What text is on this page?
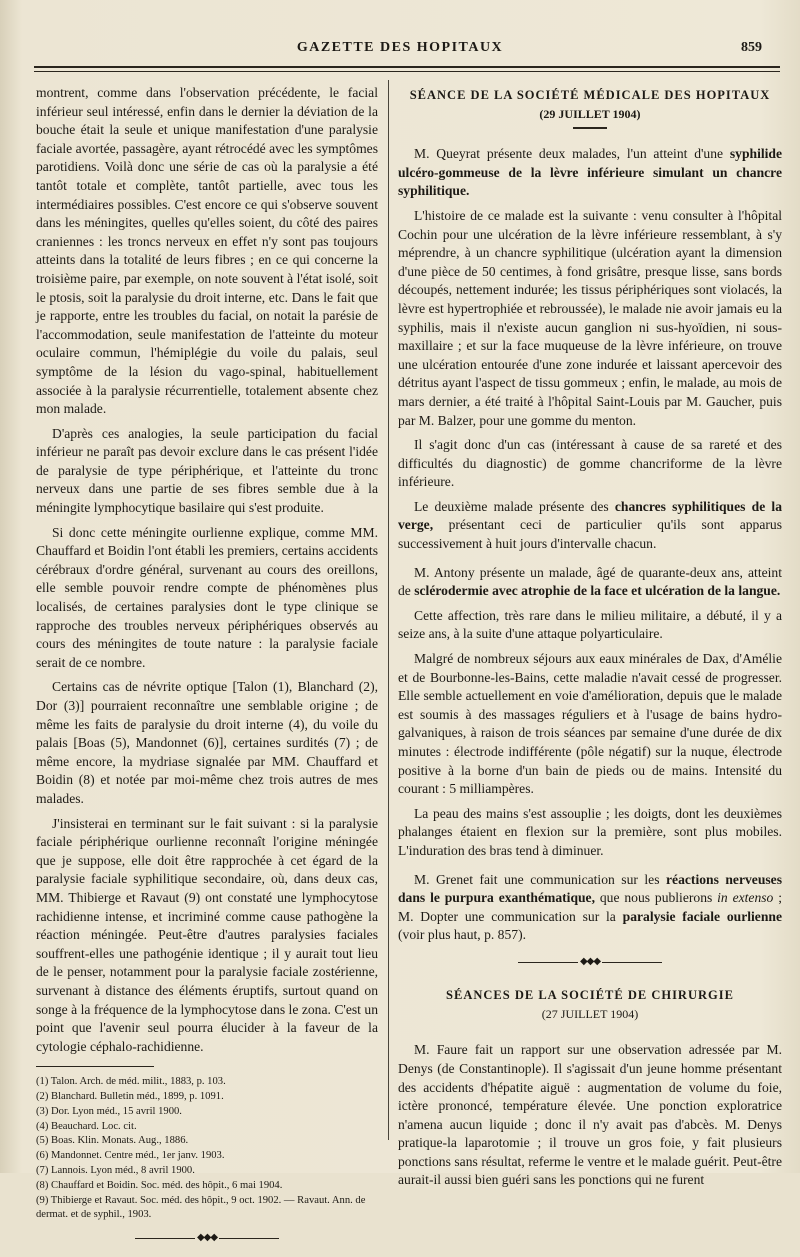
GAZETTE DES HOPITAUX	859

montrent, comme dans l'observation précédente, le facial inférieur seul intéressé, enfin dans le dernier la déviation de la bouche était la seule et unique manifestation d'une paralysie faciale avortée, passagère, ayant rétrocédé avec les symptômes parotidiens. Voilà donc une série de cas où la paralysie a été tantôt totale et complète, tantôt partielle, avec tous les intermédiaires possibles. C'est encore ce qui s'observe souvent dans les méningites, quelles qu'elles soient, du côté des paires craniennes : les troncs nerveux en effet n'y sont pas toujours atteints dans la totalité de leurs fibres ; en ce qui concerne la troisième paire, par exemple, on note souvent à l'état isolé, soit le ptosis, soit la paralysie du droit interne, etc. Dans le fait que je rapporte, entre les troubles du facial, on notait la parésie de l'accommodation, seule manifestation de l'atteinte du moteur oculaire commun, l'hémiplégie du voile du palais, seul symptôme de la lésion du vago-spinal, habituellement associée à la paralysie récurrentielle, totalement absente chez mon malade.

D'après ces analogies, la seule participation du facial inférieur ne paraît pas devoir exclure dans le cas présent l'idée de paralysie de type périphérique, et l'atteinte du tronc nerveux dans une partie de ses fibres semble due à la méningite lymphocytique basilaire qui s'est produite.

Si donc cette méningite ourlienne explique, comme MM. Chauffard et Boidin l'ont établi les premiers, certains accidents cérébraux d'ordre général, survenant au cours des oreillons, elle semble pouvoir rendre compte de phénomènes plus localisés, de certaines paralysies dont le type clinique se rapproche des troubles nerveux périphériques observés au cours des méningites de toute nature : la paralysie faciale serait de ce nombre.

Certains cas de névrite optique [Talon (1), Blanchard (2), Dor (3)] pourraient reconnaître une semblable origine ; de même les faits de paralysie du droit interne (4), du voile du palais [Boas (5), Mandonnet (6)], certaines surdités (7) ; de même encore, la mydriase signalée par MM. Chauffard et Boidin (8) et notée par moi-même chez trois autres de mes malades.

J'insisterai en terminant sur le fait suivant : si la paralysie faciale périphérique ourlienne reconnaît l'origine méningée que je suppose, elle doit être rapprochée à cet égard de la paralysie faciale syphilitique secondaire, où, dans deux cas, MM. Thibierge et Ravaut (9) ont constaté une lymphocytose rachidienne intense, et incriminé comme cause pathogène la réaction méningée. Peut-être d'autres paralysies faciales souffrent-elles une pathogénie identique ; il y aurait tout lieu de le penser, notamment pour la paralysie faciale zostérienne, survenant à distance des éléments éruptifs, surtout quand on songe à la fréquence de la lymphocytose dans le zona. C'est un point que l'avenir seul pourra élucider à la faveur de la cytologie céphalo-rachidienne.

(1) Talon. Arch. de méd. milit., 1883, p. 103.

(2) Blanchard. Bulletin méd., 1899, p. 1091.

(3) Dor. Lyon méd., 15 avril 1900.

(4) Beauchard. Loc. cit.

(5) Boas. Klin. Monats. Aug., 1886.

(6) Mandonnet. Centre méd., 1er janv. 1903.

(7) Lannois. Lyon méd., 8 avril 1900.

(8) Chauffard et Boidin. Soc. méd. des hôpit., 6 mai 1904.

(9) Thibierge et Ravaut. Soc. méd. des hôpit., 9 oct. 1902. — Ravaut. Ann. de dermat. et de syphil., 1903.

◆◆◆
SÉANCE DE LA SOCIÉTÉ MÉDICALE DES HOPITAUX
(29 JUILLET 1904)

M. Queyrat présente deux malades, l'un atteint d'une syphilide ulcéro-gommeuse de la lèvre inférieure simulant un chancre syphilitique.

L'histoire de ce malade est la suivante : venu consulter à l'hôpital Cochin pour une ulcération de la lèvre inférieure ressemblant, à s'y méprendre, à un chancre syphilitique (ulcération ayant la dimension d'une pièce de 50 centimes, à fond grisâtre, presque lisse, sans bords découpés, nettement indurée; les tissus périphériques sont violacés, la lèvre est hypertrophiée et rebroussée), le malade nie avoir jamais eu la syphilis, mais il n'existe aucun ganglion ni sus-hyoïdien, ni sous-maxillaire ; et sur la face muqueuse de la lèvre inférieure, on trouve une ulcération entourée d'une zone indurée et laissant apercevoir des détritus ayant l'aspect de tissu gommeux ; enfin, le malade, au mois de mars dernier, a été traité à l'hôpital Saint-Louis par M. Gaucher, puis par M. Balzer, pour une gomme du menton.

Il s'agit donc d'un cas (intéressant à cause de sa rareté et des difficultés du diagnostic) de gomme chancriforme de la lèvre inférieure.

Le deuxième malade présente des chancres syphilitiques de la verge, présentant ceci de particulier qu'ils sont apparus successivement à huit jours d'intervalle chacun.

M. Antony présente un malade, âgé de quarante-deux ans, atteint de sclérodermie avec atrophie de la face et ulcération de la langue.

Cette affection, très rare dans le milieu militaire, a débuté, il y a seize ans, à la suite d'une attaque polyarticulaire.

Malgré de nombreux séjours aux eaux minérales de Dax, d'Amélie et de Bourbonne-les-Bains, cette maladie n'avait cessé de progresser. Elle semble actuellement en voie d'amélioration, depuis que le malade est soumis à des massages réguliers et à l'usage de bains hydro-galvaniques, à raison de trois séances par semaine d'une durée de dix minutes : électrode indifférente (pôle négatif) sur la nuque, électrode positive à la borne d'un bain de pieds ou de mains. Intensité du courant : 5 milliampères.

La peau des mains s'est assouplie ; les doigts, dont les deuxièmes phalanges étaient en flexion sur la première, sont plus mobiles. L'induration des bras tend à diminuer.

M. Grenet fait une communication sur les réactions nerveuses dans le purpura exanthématique, que nous publierons in extenso ; M. Dopter une communication sur la paralysie faciale ourlienne (voir plus haut, p. 857).

◆◆◆
SÉANCES DE LA SOCIÉTÉ DE CHIRURGIE
(27 JUILLET 1904)

M. Faure fait un rapport sur une observation adressée par M. Denys (de Constantinople). Il s'agissait d'un jeune homme présentant des accidents d'hépatite aiguë : augmentation de volume du foie, ictère prononcé, température élevée. Une ponction exploratrice n'amena aucun liquide ; donc il n'y avait pas d'abcès. M. Denys pratique-la laparotomie ; il trouve un gros foie, y fait plusieurs ponctions sans résultat, referme le ventre et le malade guérit. Peut-être aurait-il aussi bien guéri sans les ponctions qui ne furent
